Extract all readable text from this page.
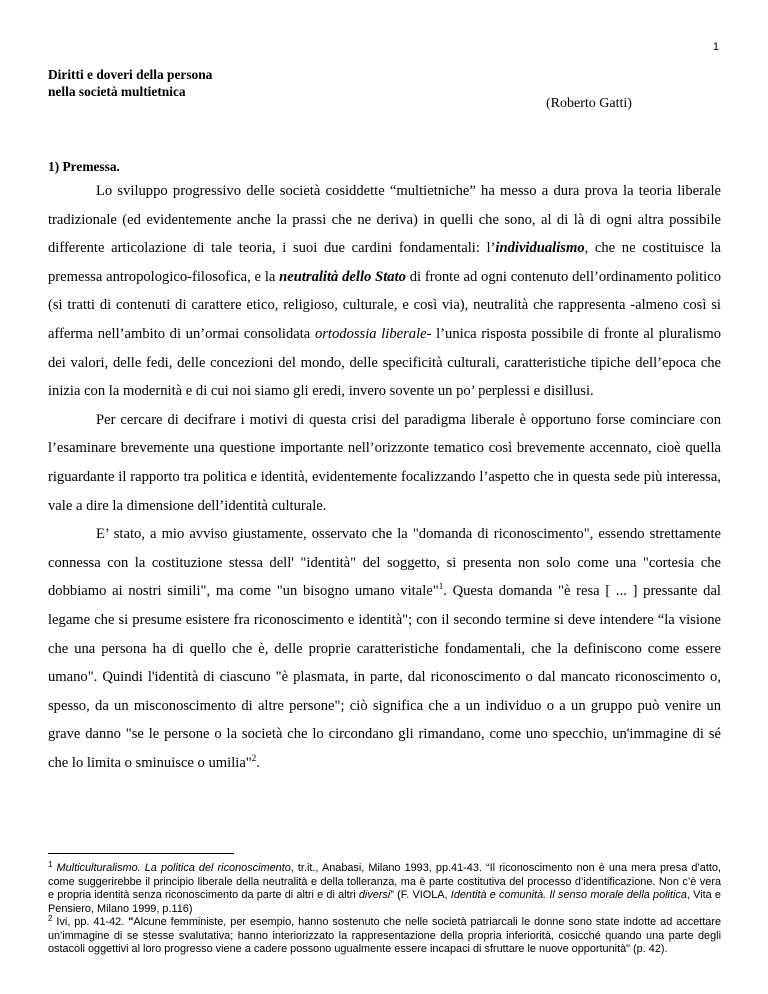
1
Diritti e doveri della persona
nella società multietnica
(Roberto Gatti)
1) Premessa.

Lo sviluppo progressivo delle società cosiddette “multietniche” ha messo a dura prova la teoria liberale tradizionale (ed evidentemente anche la prassi che ne deriva) in quelli che sono, al di là di ogni altra possibile differente articolazione di tale teoria, i suoi due cardini fondamentali: l’individualismo, che ne costituisce la premessa antropologico-filosofica, e la neutralità dello Stato di fronte ad ogni contenuto dell’ordinamento politico (si tratti di contenuti di carattere etico, religioso, culturale, e così via), neutralità che rappresenta -almeno così si afferma nell’ambito di un’ormai consolidata ortodossia liberale- l’unica risposta possibile di fronte al pluralismo dei valori, delle fedi, delle concezioni del mondo, delle specificità culturali, caratteristiche tipiche dell’epoca che inizia con la modernità e di cui noi siamo gli eredi, invero sovente un po’ perplessi e disillusi.

Per cercare di decifrare i motivi di questa crisi del paradigma liberale è opportuno forse cominciare con l’esaminare brevemente una questione importante nell’orizzonte tematico così brevemente accennato, cioè quella riguardante il rapporto tra politica e identità, evidentemente focalizzando l’aspetto che in questa sede più interessa, vale a dire la dimensione dell’identità culturale.

E’ stato, a mio avviso giustamente, osservato che la "domanda di riconoscimento", essendo strettamente connessa con la costituzione stessa dell' "identità" del soggetto, si presenta non solo come una "cortesia che dobbiamo ai nostri simili", ma come "un bisogno umano vitale"$^1$. Questa domanda "è resa [ ... ] pressante dal legame che si presume esistere fra riconoscimento e identità"; con il secondo termine si deve intendere “la visione che una persona ha di quello che è, delle proprie caratteristiche fondamentali, che la definiscono come essere umano". Quindi l'identità di ciascuno "è plasmata, in parte, dal riconoscimento o dal mancato riconoscimento o, spesso, da un misconoscimento di altre persone"; ciò significa che a un individuo o a un gruppo può venire un grave danno "se le persone o la società che lo circondano gli rimandano, come uno specchio, un'immagine di sé che lo limita o sminuisce o umilia"$^2$.

$^1$ Multiculturalismo. La politica del riconoscimento, tr.it., Anabasi, Milano 1993, pp.41-43. “Il riconoscimento non è una mera presa d’atto, come suggerirebbe il principio liberale della neutralità e della tolleranza, ma è parte costitutiva del processo d’identificazione. Non c’è vera e propria identità senza riconoscimento da parte di altri e di altri diversi” (F. VIOLA, Identità e comunità. Il senso morale della politica, Vita e Pensiero, Milano 1999, p.116)

$^2$ Ivi, pp. 41-42. "Alcune femministe, per esempio, hanno sostenuto che nelle società patriarcali le donne sono state indotte ad accettare un'immagine di se stesse svalutativa; hanno interiorizzato la rappresentazione della propria inferiorità, cosicché quando una parte degli ostacoli oggettivi al loro progresso viene a cadere possono ugualmente essere incapaci di sfruttare le nuove opportunità" (p. 42).
